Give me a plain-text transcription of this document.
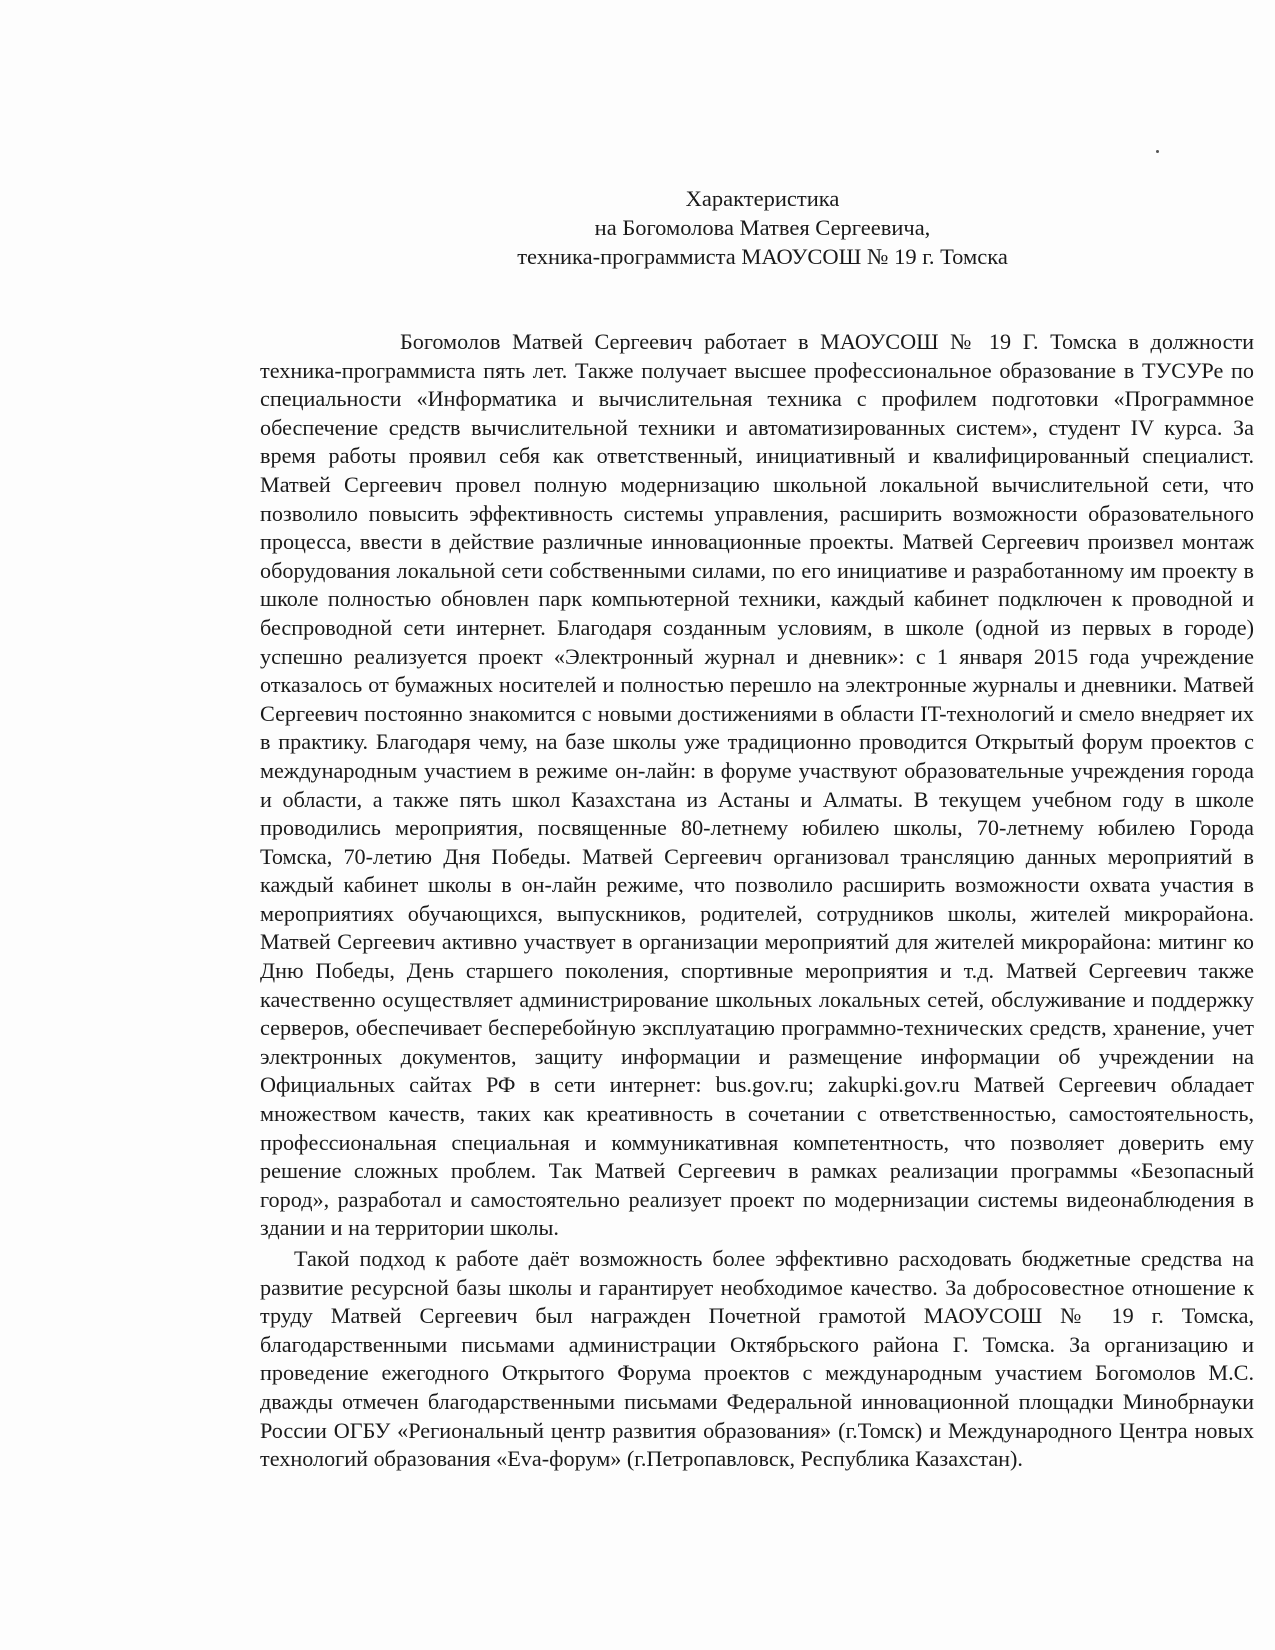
Характеристика
на Богомолова Матвея Сергеевича,
техника-программиста МАОУСОШ № 19 г. Томска

Богомолов Матвей Сергеевич работает в МАОУСОШ № 19 Г. Томска в должности техника-программиста пять лет. Также получает высшее профессиональное образование в ТУСУРе по специальности «Информатика и вычислительная техника с профилем подготовки «Программное обеспечение средств вычислительной техники и автоматизированных систем», студент IV курса. За время работы проявил себя как ответственный, инициативный и квалифицированный специалист. Матвей Сергеевич провел полную модернизацию школьной локальной вычислительной сети, что позволило повысить эффективность системы управления, расширить возможности образовательного процесса, ввести в действие различные инновационные проекты. Матвей Сергеевич произвел монтаж оборудования локальной сети собственными силами, по его инициативе и разработанному им проекту в школе полностью обновлен парк компьютерной техники, каждый кабинет подключен к проводной и беспроводной сети интернет. Благодаря созданным условиям, в школе (одной из первых в городе) успешно реализуется проект «Электронный журнал и дневник»: с 1 января 2015 года учреждение отказалось от бумажных носителей и полностью перешло на электронные журналы и дневники. Матвей Сергеевич постоянно знакомится с новыми достижениями в области IT-технологий и смело внедряет их в практику. Благодаря чему, на базе школы уже традиционно проводится Открытый форум проектов с международным участием в режиме он-лайн: в форуме участвуют образовательные учреждения города и области, а также пять школ Казахстана из Астаны и Алматы. В текущем учебном году в школе проводились мероприятия, посвященные 80-летнему юбилею школы, 70-летнему юбилею Города Томска, 70-летию Дня Победы. Матвей Сергеевич организовал трансляцию данных мероприятий в каждый кабинет школы в он-лайн режиме, что позволило расширить возможности охвата участия в мероприятиях обучающихся, выпускников, родителей, сотрудников школы, жителей микрорайона. Матвей Сергеевич активно участвует в организации мероприятий для жителей микрорайона: митинг ко Дню Победы, День старшего поколения, спортивные мероприятия и т.д. Матвей Сергеевич также качественно осуществляет администрирование школьных локальных сетей, обслуживание и поддержку серверов, обеспечивает бесперебойную эксплуатацию программно-технических средств, хранение, учет электронных документов, защиту информации и размещение информации об учреждении на Официальных сайтах РФ в сети интернет: bus.gov.ru; zakupki.gov.ru Матвей Сергеевич обладает множеством качеств, таких как креативность в сочетании с ответственностью, самостоятельность, профессиональная специальная и коммуникативная компетентность, что позволяет доверить ему решение сложных проблем. Так Матвей Сергеевич в рамках реализации программы «Безопасный город», разработал и самостоятельно реализует проект по модернизации системы видеонаблюдения в здании и на территории школы.

Такой подход к работе даёт возможность более эффективно расходовать бюджетные средства на развитие ресурсной базы школы и гарантирует необходимое качество. За добросовестное отношение к труду Матвей Сергеевич был награжден Почетной грамотой МАОУСОШ № 19 г. Томска, благодарственными письмами администрации Октябрьского района Г. Томска. За организацию и проведение ежегодного Открытого Форума проектов с международным участием Богомолов М.С. дважды отмечен благодарственными письмами Федеральной инновационной площадки Минобрнауки России ОГБУ «Региональный центр развития образования» (г.Томск) и Международного Центра новых технологий образования «Eva-форум» (г.Петропавловск, Республика Казахстан).
